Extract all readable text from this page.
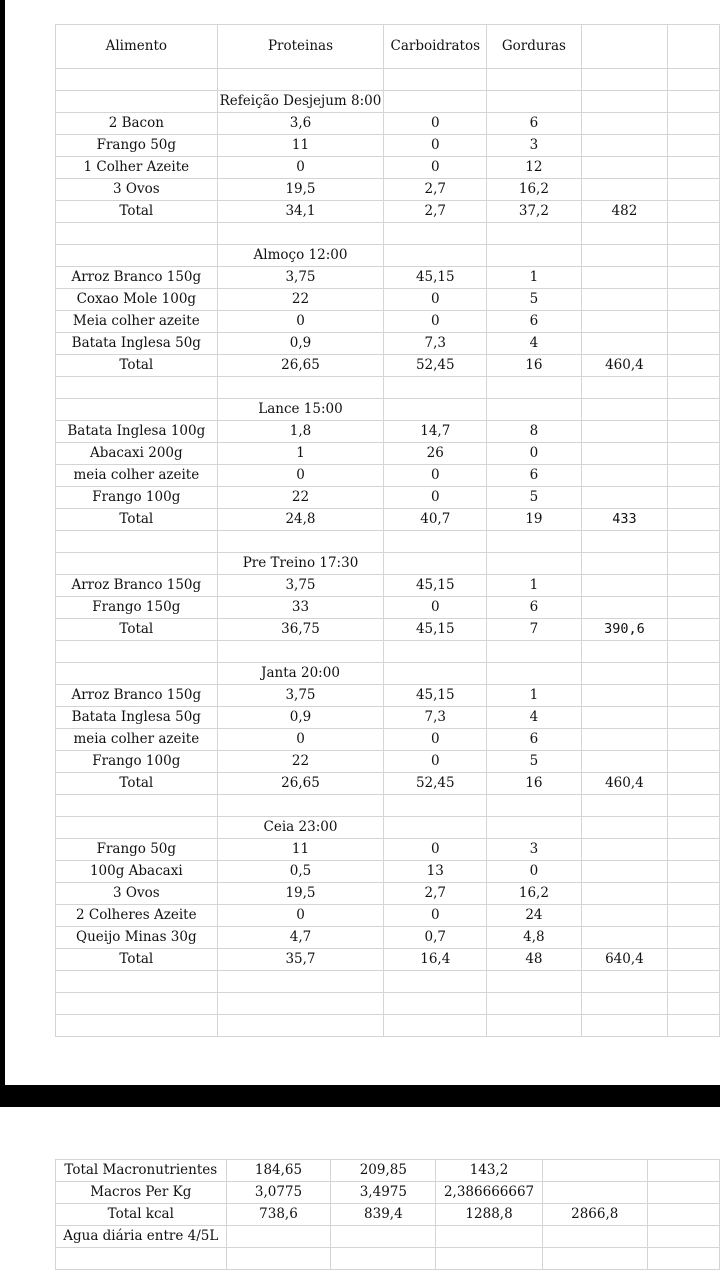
Alimento	Proteinas	Carboidratos	Gorduras		

	Refeição Desjejum 8:00				
2 Bacon	3,6	0	6		
Frango 50g	11	0	3		
1 Colher Azeite	0	0	12		
3 Ovos	19,5	2,7	16,2		
Total	34,1	2,7	37,2	482	

	Almoço 12:00				
Arroz Branco 150g	3,75	45,15	1		
Coxao Mole 100g	22	0	5		
Meia colher azeite	0	0	6		
Batata Inglesa 50g	0,9	7,3	4		
Total	26,65	52,45	16	460,4	

	Lance 15:00				
Batata Inglesa 100g	1,8	14,7	8		
Abacaxi 200g	1	26	0		
meia colher azeite	0	0	6		
Frango 100g	22	0	5		
Total	24,8	40,7	19	433	

	Pre Treino 17:30				
Arroz Branco 150g	3,75	45,15	1		
Frango 150g	33	0	6		
Total	36,75	45,15	7	390,6	

	Janta 20:00				
Arroz Branco 150g	3,75	45,15	1		
Batata Inglesa 50g	0,9	7,3	4		
meia colher azeite	0	0	6		
Frango 100g	22	0	5		
Total	26,65	52,45	16	460,4	

	Ceia 23:00				
Frango 50g	11	0	3		
100g Abacaxi	0,5	13	0		
3 Ovos	19,5	2,7	16,2		
2 Colheres Azeite	0	0	24		
Queijo Minas 30g	4,7	0,7	4,8		
Total	35,7	16,4	48	640,4	

Total Macronutrientes	184,65	209,85	143,2		
Macros Per Kg	3,0775	3,4975	2,386666667		
Total kcal	738,6	839,4	1288,8	2866,8	
Agua diária entre 4/5L					
